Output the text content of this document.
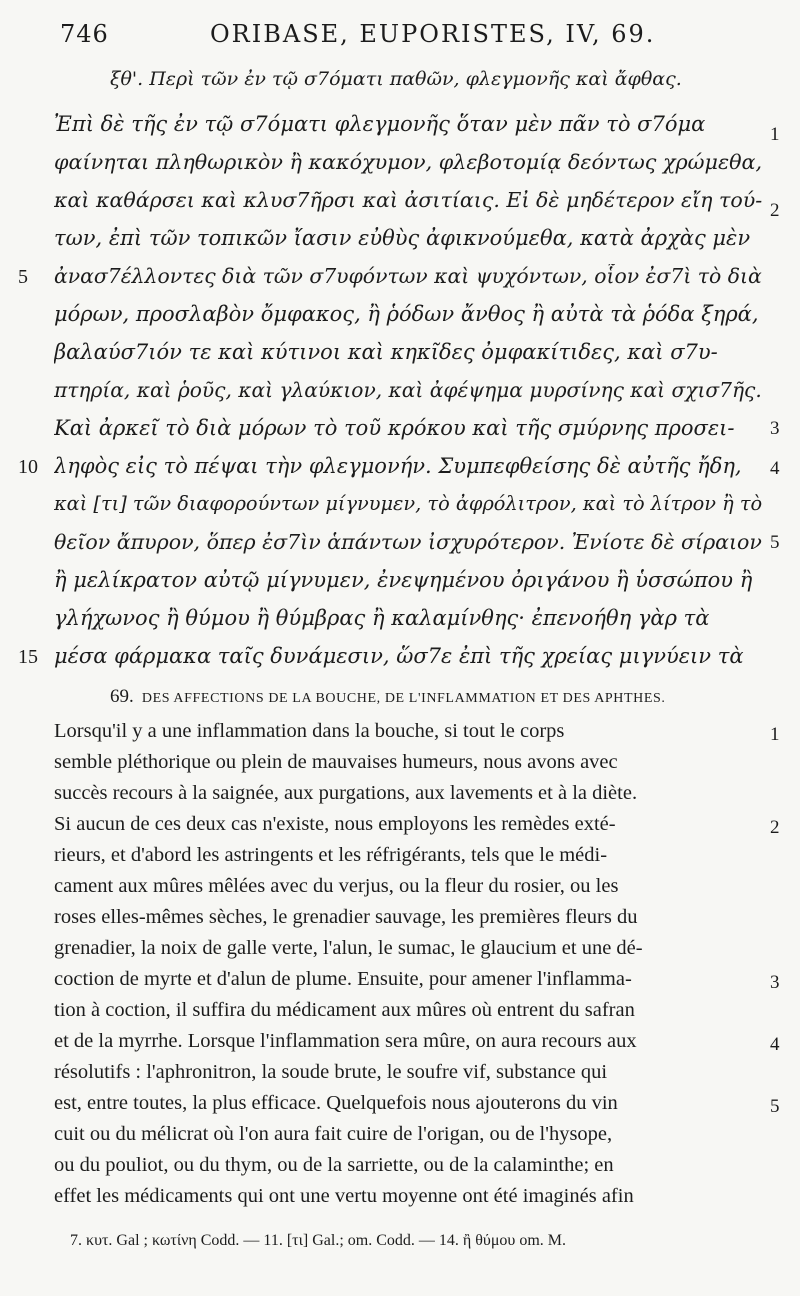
746	ORIBASE, EUPORISTES, IV, 69.
ξθ'. Περὶ τῶν ἐν τῷ σ7όματι παθῶν, φλεγμονῆς καὶ ἄφθας.
Ἐπὶ δὲ τῆς ἐν τῷ σ7όματι φλεγμονῆς ὅταν μὲν πᾶν τὸ σ7όμα
φαίνηται πληθωρικὸν ἢ κακόχυμον, φλεβοτομίᾳ δεόντως χρώμεθα,
καὶ καθάρσει καὶ κλυσ7ῆρσι καὶ ἀσιτίαις. Εἰ δὲ μηδέτερον εἴη τού-
των, ἐπὶ τῶν τοπικῶν ἴασιν εὐθὺς ἀφικνούμεθα, κατὰ ἀρχὰς μὲν
ἀνασ7έλλοντες διὰ τῶν σ7υφόντων καὶ ψυχόντων, οἷον ἐσ7ὶ τὸ διὰ
μόρων, προσλαβὸν ὄμφακος, ἢ ῥόδων ἄνθος ἢ αὐτὰ τὰ ῥόδα ξηρά,
βαλαύσ7ιόν τε καὶ κύτινοι καὶ κηκῖδες ὀμφακίτιδες, καὶ σ7υ-
πτηρία, καὶ ῥοῦς, καὶ γλαύκιον, καὶ ἀφέψημα μυρσίνης καὶ σχισ7ῆς.
Καὶ ἀρκεῖ τὸ διὰ μόρων τὸ τοῦ κρόκου καὶ τῆς σμύρνης προσει-
ληφὸς εἰς τὸ πέψαι τὴν φλεγμονήν. Συμπεφθείσης δὲ αὐτῆς ἤδη,
καὶ [τι] τῶν διαφορούντων μίγνυμεν, τὸ ἀφρόλιτρον, καὶ τὸ λίτρον ἢ τὸ
θεῖον ἄπυρον, ὅπερ ἐσ7ὶν ἁπάντων ἰσχυρότερον. Ἐνίοτε δὲ σίραιον
ἢ μελίκρατον αὐτῷ μίγνυμεν, ἐνεψημένου ὀριγάνου ἢ ὑσσώπου ἢ
γλήχωνος ἢ θύμου ἢ θύμβρας ἢ καλαμίνθης· ἐπενοήθη γὰρ τὰ
μέσα φάρμακα ταῖς δυνάμεσιν, ὥσ7ε ἐπὶ τῆς χρείας μιγνύειν τὰ
5
10
15
1
2
3
4
5
69. DES AFFECTIONS DE LA BOUCHE, DE L'INFLAMMATION ET DES APHTHES.
Lorsqu'il y a une inflammation dans la bouche, si tout le corps
semble pléthorique ou plein de mauvaises humeurs, nous avons avec
succès recours à la saignée, aux purgations, aux lavements et à la diète.
Si aucun de ces deux cas n'existe, nous employons les remèdes exté-
rieurs, et d'abord les astringents et les réfrigérants, tels que le médi-
cament aux mûres mêlées avec du verjus, ou la fleur du rosier, ou les
roses elles-mêmes sèches, le grenadier sauvage, les premières fleurs du
grenadier, la noix de galle verte, l'alun, le sumac, le glaucium et une dé-
coction de myrte et d'alun de plume. Ensuite, pour amener l'inflamma-
tion à coction, il suffira du médicament aux mûres où entrent du safran
et de la myrrhe. Lorsque l'inflammation sera mûre, on aura recours aux
résolutifs : l'aphronitron, la soude brute, le soufre vif, substance qui
est, entre toutes, la plus efficace. Quelquefois nous ajouterons du vin
cuit ou du mélicrat où l'on aura fait cuire de l'origan, ou de l'hysope,
ou du pouliot, ou du thym, ou de la sarriette, ou de la calaminthe; en
effet les médicaments qui ont une vertu moyenne ont été imaginés afin
1
2
3
4
5
7. κυτ. Gal ; κωτίνη Codd. — 11. [τι] Gal.; om. Codd. — 14. ἢ θύμου om. M.
